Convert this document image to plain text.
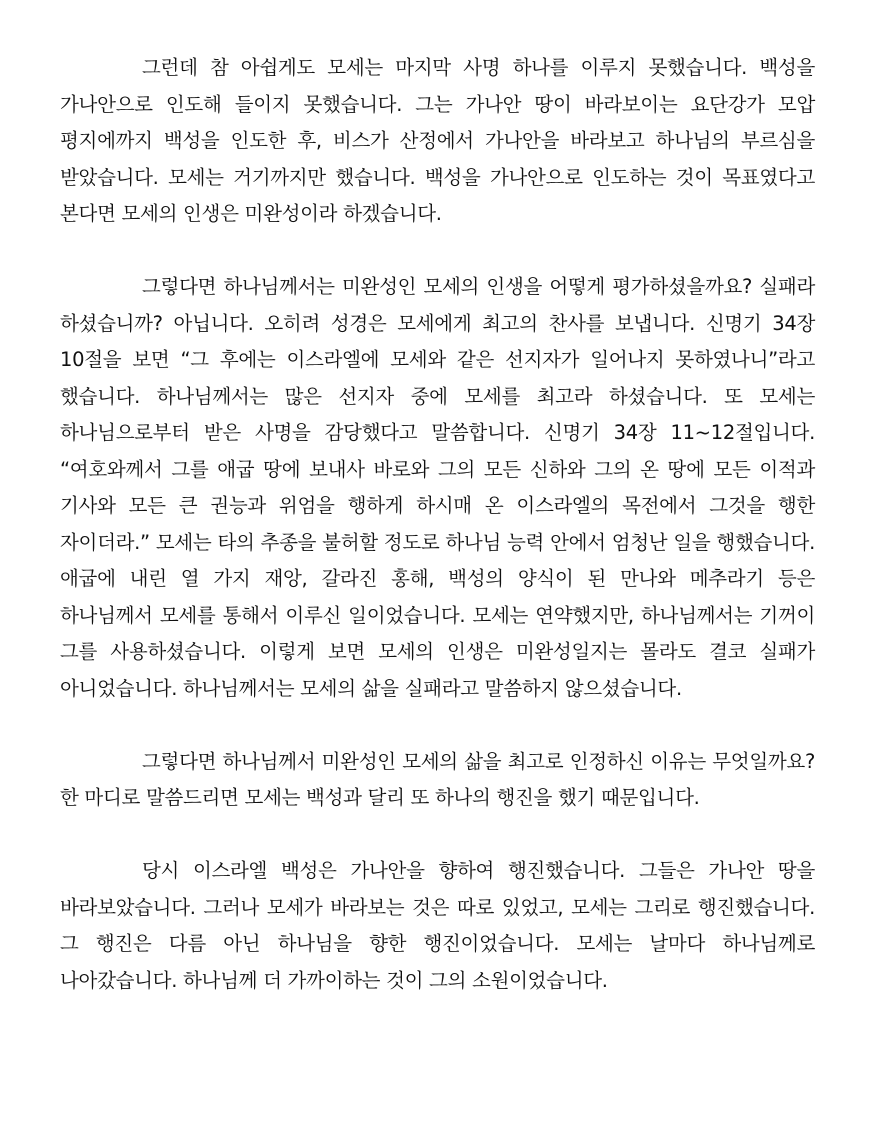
그런데 참 아쉽게도 모세는 마지막 사명 하나를 이루지 못했습니다. 백성을 가나안으로 인도해 들이지 못했습니다. 그는 가나안 땅이 바라보이는 요단강가 모압 평지에까지 백성을 인도한 후, 비스가 산정에서 가나안을 바라보고 하나님의 부르심을 받았습니다. 모세는 거기까지만 했습니다. 백성을 가나안으로 인도하는 것이 목표였다고 본다면 모세의 인생은 미완성이라 하겠습니다.

그렇다면 하나님께서는 미완성인 모세의 인생을 어떻게 평가하셨을까요? 실패라 하셨습니까? 아닙니다. 오히려 성경은 모세에게 최고의 찬사를 보냅니다. 신명기 34장 10절을 보면 “그 후에는 이스라엘에 모세와 같은 선지자가 일어나지 못하였나니”라고 했습니다. 하나님께서는 많은 선지자 중에 모세를 최고라 하셨습니다. 또 모세는 하나님으로부터 받은 사명을 감당했다고 말씀합니다. 신명기 34장 11~12절입니다. “여호와께서 그를 애굽 땅에 보내사 바로와 그의 모든 신하와 그의 온 땅에 모든 이적과 기사와 모든 큰 권능과 위엄을 행하게 하시매 온 이스라엘의 목전에서 그것을 행한 자이더라.” 모세는 타의 추종을 불허할 정도로 하나님 능력 안에서 엄청난 일을 행했습니다. 애굽에 내린 열 가지 재앙, 갈라진 홍해, 백성의 양식이 된 만나와 메추라기 등은 하나님께서 모세를 통해서 이루신 일이었습니다. 모세는 연약했지만, 하나님께서는 기꺼이 그를 사용하셨습니다. 이렇게 보면 모세의 인생은 미완성일지는 몰라도 결코 실패가 아니었습니다. 하나님께서는 모세의 삶을 실패라고 말씀하지 않으셨습니다.

그렇다면 하나님께서 미완성인 모세의 삶을 최고로 인정하신 이유는 무엇일까요? 한 마디로 말씀드리면 모세는 백성과 달리 또 하나의 행진을 했기 때문입니다.

당시 이스라엘 백성은 가나안을 향하여 행진했습니다. 그들은 가나안 땅을 바라보았습니다. 그러나 모세가 바라보는 것은 따로 있었고, 모세는 그리로 행진했습니다. 그 행진은 다름 아닌 하나님을 향한 행진이었습니다. 모세는 날마다 하나님께로 나아갔습니다. 하나님께 더 가까이하는 것이 그의 소원이었습니다.
